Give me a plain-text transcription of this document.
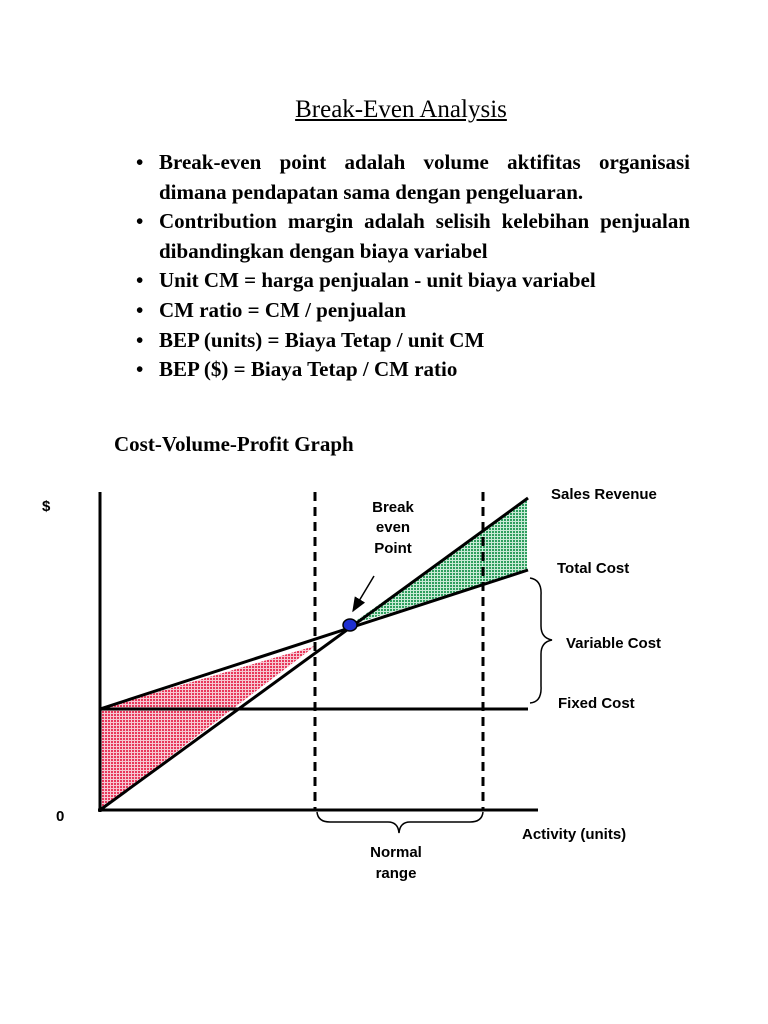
Break-Even Analysis
• Break-even point adalah volume aktifitas organisasi dimana pendapatan sama dengan pengeluaran.
• Contribution margin adalah selisih kelebihan penjualan dibandingkan dengan biaya variabel
• Unit CM = harga penjualan - unit biaya variabel
• CM ratio = CM / penjualan
• BEP (units) = Biaya Tetap / unit CM
• BEP ($) = Biaya Tetap / CM ratio
Cost-Volume-Profit Graph
$
0
Activity (units)
Sales Revenue
Total Cost
Variable Cost
Fixed Cost
Break
even
Point
Normal
range
